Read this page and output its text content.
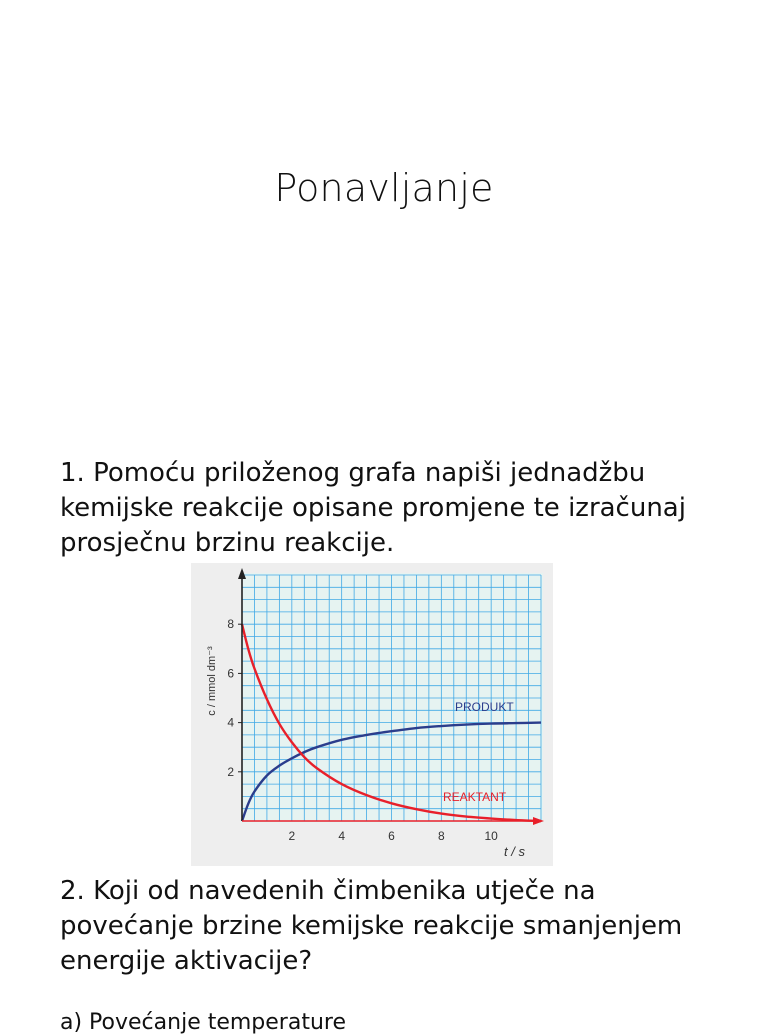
Ponavljanje
1. Pomoću priloženog grafa napiši jednadžbu
kemijske reakcije opisane promjene te izračunaj
prosječnu brzinu reakcije.
2
4
6
8
2	4	6	8	10
c / mmol dm⁻³
t / s
PRODUKT
REAKTANT
2. Koji od navedenih čimbenika utječe na
povećanje brzine kemijske reakcije smanjenjem
energije aktivacije?
a) Povećanje temperature
